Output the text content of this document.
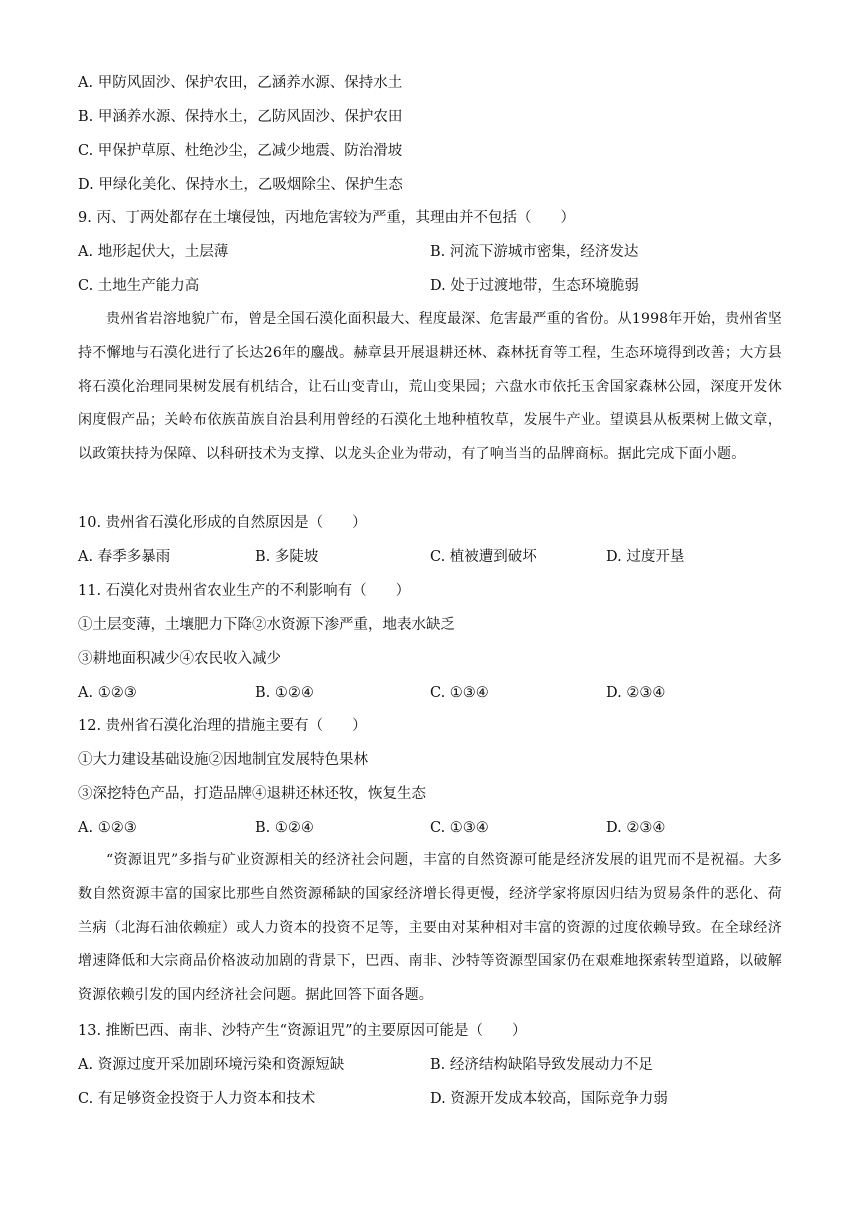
A. 甲防风固沙、保护农田，乙涵养水源、保持水土
B. 甲涵养水源、保持水土，乙防风固沙、保护农田
C. 甲保护草原、杜绝沙尘，乙减少地震、防治滑坡
D. 甲绿化美化、保持水土，乙吸烟除尘、保护生态
9. 丙、丁两处都存在土壤侵蚀，丙地危害较为严重，其理由并不包括（　　）
A. 地形起伏大，土层薄	B. 河流下游城市密集，经济发达
C. 土地生产能力高	D. 处于过渡地带，生态环境脆弱
贵州省岩溶地貌广布，曾是全国石漠化面积最大、程度最深、危害最严重的省份。从1998年开始，贵州省坚持不懈地与石漠化进行了长达26年的鏖战。赫章县开展退耕还林、森林抚育等工程，生态环境得到改善；大方县将石漠化治理同果树发展有机结合，让石山变青山，荒山变果园；六盘水市依托玉舍国家森林公园，深度开发休闲度假产品；关岭布依族苗族自治县利用曾经的石漠化土地种植牧草，发展牛产业。望谟县从板栗树上做文章，以政策扶持为保障、以科研技术为支撑、以龙头企业为带动，有了响当当的品牌商标。据此完成下面小题。
10. 贵州省石漠化形成的自然原因是（　　）
A. 春季多暴雨	B. 多陡坡	C. 植被遭到破坏	D. 过度开垦
11. 石漠化对贵州省农业生产的不利影响有（　　）
①土层变薄，土壤肥力下降②水资源下渗严重，地表水缺乏
③耕地面积减少④农民收入减少
A. ①②③	B. ①②④	C. ①③④	D. ②③④
12. 贵州省石漠化治理的措施主要有（　　）
①大力建设基础设施②因地制宜发展特色果林
③深挖特色产品，打造品牌④退耕还林还牧，恢复生态
A. ①②③	B. ①②④	C. ①③④	D. ②③④
“资源诅咒”多指与矿业资源相关的经济社会问题，丰富的自然资源可能是经济发展的诅咒而不是祝福。大多数自然资源丰富的国家比那些自然资源稀缺的国家经济增长得更慢，经济学家将原因归结为贸易条件的恶化、荷兰病（北海石油依赖症）或人力资本的投资不足等，主要由对某种相对丰富的资源的过度依赖导致。在全球经济增速降低和大宗商品价格波动加剧的背景下，巴西、南非、沙特等资源型国家仍在艰难地探索转型道路，以破解资源依赖引发的国内经济社会问题。据此回答下面各题。
13. 推断巴西、南非、沙特产生“资源诅咒”的主要原因可能是（　　）
A. 资源过度开采加剧环境污染和资源短缺	B. 经济结构缺陷导致发展动力不足
C. 有足够资金投资于人力资本和技术	D. 资源开发成本较高，国际竞争力弱
